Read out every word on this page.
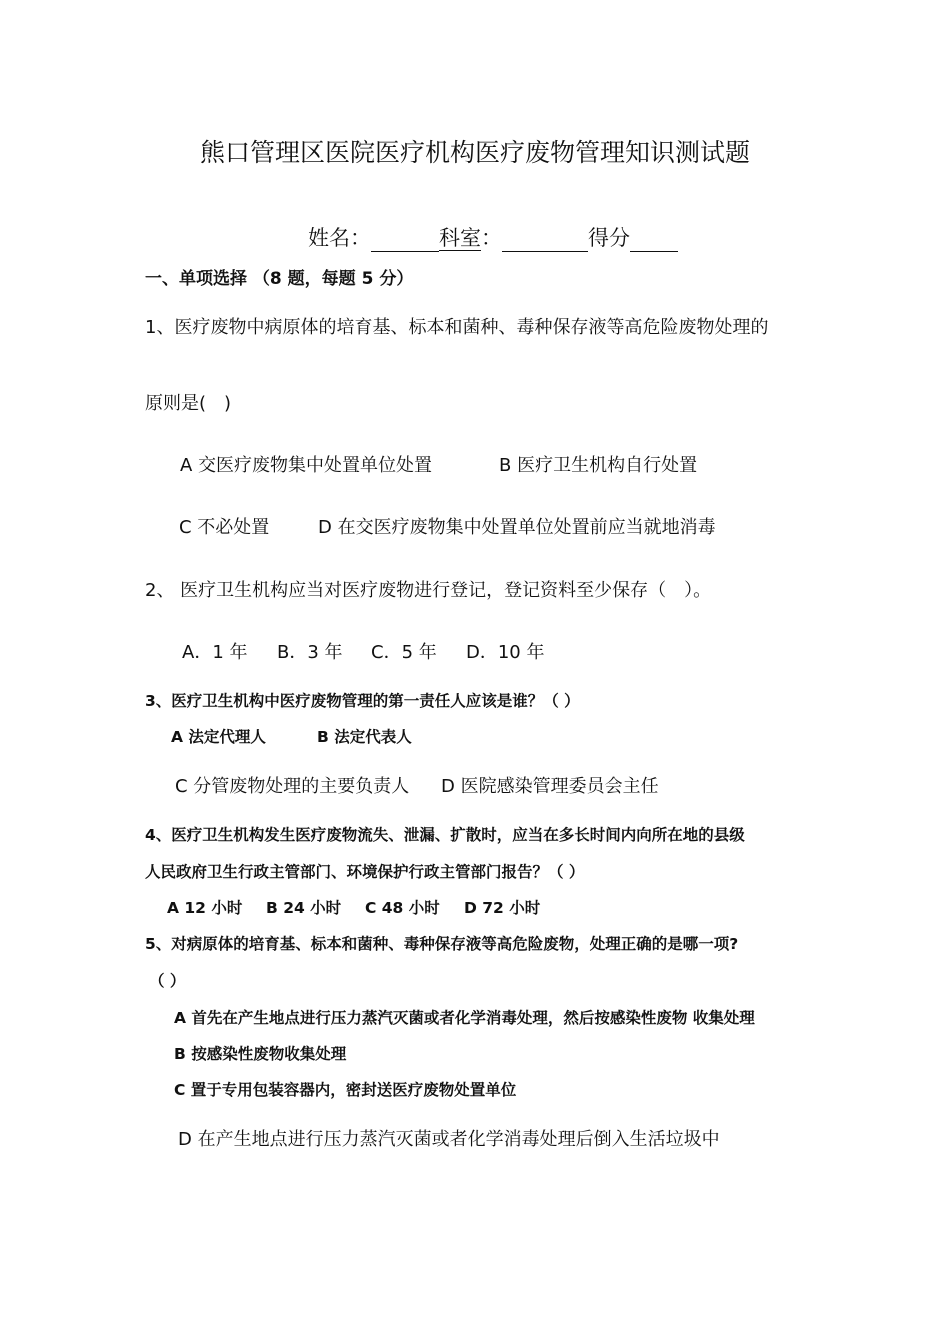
熊口管理区医院医疗机构医疗废物管理知识测试题
姓名：	科室：	得分
一、单项选择 （8 题，每题 5 分）
1、医疗废物中病原体的培育基、标本和菌种、毒种保存液等高危险废物处理的
原则是(　)
A 交医疗废物集中处置单位处置	B 医疗卫生机构自行处置
C 不必处置	D 在交医疗废物集中处置单位处置前应当就地消毒
2、 医疗卫生机构应当对医疗废物进行登记，登记资料至少保存（　）。
A．1 年 B．3 年 C．5 年 D．10 年
3、医疗卫生机构中医疗废物管理的第一责任人应该是谁？（ ）
A 法定代理人	B 法定代表人
C 分管废物处理的主要负责人 D 医院感染管理委员会主任
4、医疗卫生机构发生医疗废物流失、泄漏、扩散时，应当在多长时间内向所在地的县级
人民政府卫生行政主管部门、环境保护行政主管部门报告？（ ）
A 12 小时 B 24 小时 C 48 小时 D 72 小时
5、对病原体的培育基、标本和菌种、毒种保存液等高危险废物，处理正确的是哪一项?
（ ）
A 首先在产生地点进行压力蒸汽灭菌或者化学消毒处理，然后按感染性废物 收集处理
B 按感染性废物收集处理
C 置于专用包装容器内，密封送医疗废物处置单位
D 在产生地点进行压力蒸汽灭菌或者化学消毒处理后倒入生活垃圾中
